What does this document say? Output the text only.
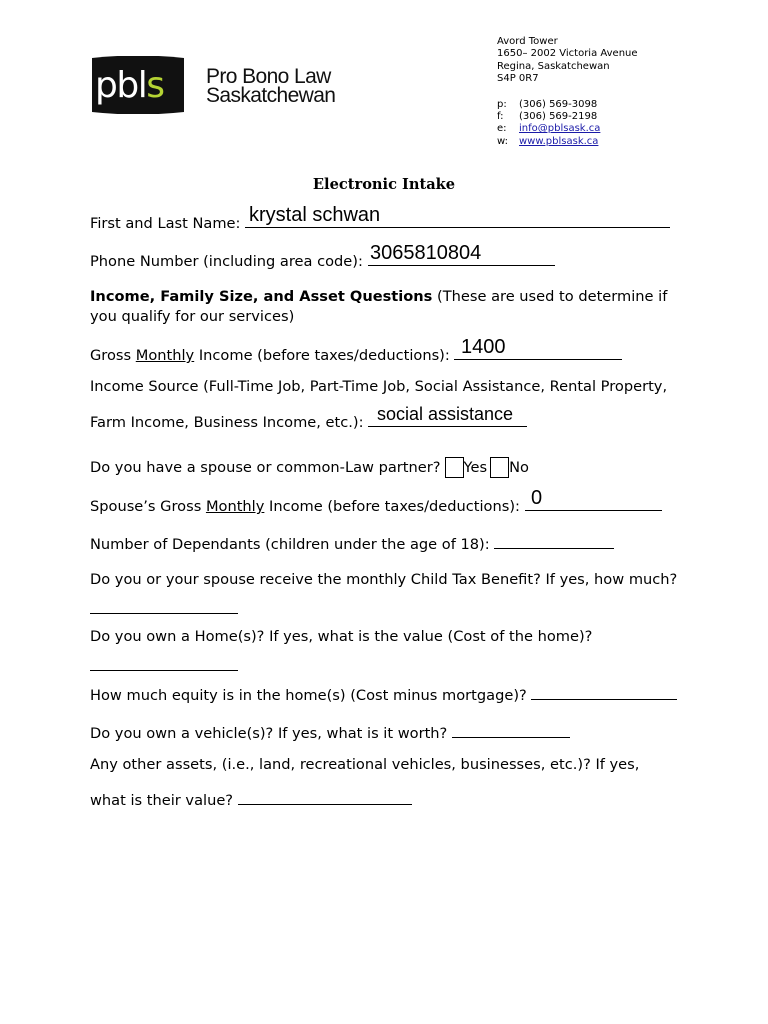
pbls Pro Bono Law
Saskatchewan
Avord Tower
1650– 2002 Victoria Avenue
Regina, Saskatchewan
S4P 0R7
p: (306) 569-3098
f: (306) 569-2198
e: info@pblsask.ca
w: www.pblsask.ca
Electronic Intake
First and Last Name: krystal schwan
Phone Number (including area code): 3065810804
Income, Family Size, and Asset Questions (These are used to determine if
you qualify for our services)
Gross Monthly Income (before taxes/deductions): 1400
Income Source (Full-Time Job, Part-Time Job, Social Assistance, Rental Property,
Farm Income, Business Income, etc.): social assistance
Do you have a spouse or common-Law partner? Yes No
Spouse’s Gross Monthly Income (before taxes/deductions): 0
Number of Dependants (children under the age of 18):
Do you or your spouse receive the monthly Child Tax Benefit? If yes, how much?
Do you own a Home(s)? If yes, what is the value (Cost of the home)?
How much equity is in the home(s) (Cost minus mortgage)?
Do you own a vehicle(s)? If yes, what is it worth?
Any other assets, (i.e., land, recreational vehicles, businesses, etc.)? If yes,
what is their value?
